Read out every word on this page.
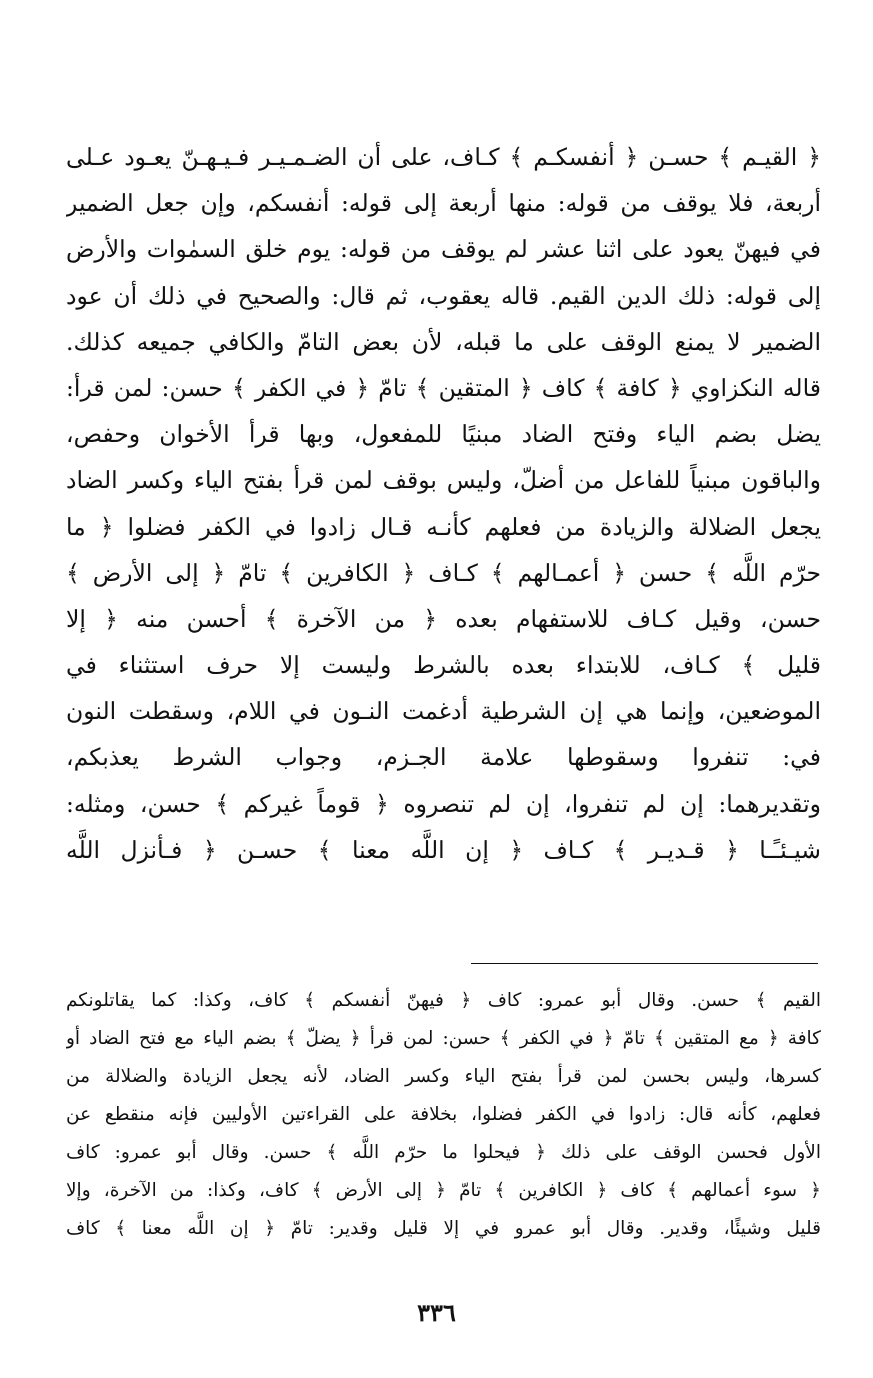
﴿ القيـم ﴾ حسـن ﴿ أنفسكـم ﴾ كـاف، على أن الضـمـيـر فـيـهـنّ يعـود عـلى
أربعة، فلا يوقف من قوله: منها أربعة إلى قوله: أنفسكم، وإن جعل الضمير
في فيهنّ يعود على اثنا عشر لم يوقف من قوله: يوم خلق السمٰوات والأرض
إلى قوله: ذلك الدين القيم. قاله يعقوب، ثم قال: والصحيح في ذلك أن عود
الضمير لا يمنع الوقف على ما قبله، لأن بعض التامّ والكافي جميعه كذلك.
قاله النكزاوي ﴿ كافة ﴾ كاف ﴿ المتقين ﴾ تامّ ﴿ في الكفر ﴾ حسن: لمن قرأ:
يضل بضم الياء وفتح الضاد مبنيًا للمفعول، وبها قرأ الأخوان وحفص،
والباقون مبنياً للفاعل من أضلّ، وليس بوقف لمن قرأ بفتح الياء وكسر الضاد
يجعل الضلالة والزيادة من فعلهم كأنـه قـال زادوا في الكفر فضلوا ﴿ ما
حرّم اللَّه ﴾ حسن ﴿ أعمـالهم ﴾ كـاف ﴿ الكافرين ﴾ تامّ ﴿ إلى الأرض ﴾
حسن، وقيل كـاف للاستفهام بعده ﴿ من الآخرة ﴾ أحسن منه ﴿ إلا
قليل ﴾ كـاف، للابتداء بعده بالشرط وليست إلا حرف استثناء في
الموضعين، وإنما هي إن الشرطية أدغمت النـون في اللام، وسقطت النون
في: تنفروا وسقوطها علامة الجـزم، وجواب الشرط يعذبكم،
وتقديرهما: إن لم تنفروا، إن لم تنصروه ﴿ قوماً غيركم ﴾ حسن، ومثله:
شيـئـًـا ﴿ قـديـر ﴾ كـاف ﴿ إن اللَّه معنا ﴾ حسـن ﴿ فـأنزل اللَّه
القيم ﴾ حسن. وقال أبو عمرو: كاف ﴿ فيهنّ أنفسكم ﴾ كاف، وكذا: كما يقاتلونكم
كافة ﴿ مع المتقين ﴾ تامّ ﴿ في الكفر ﴾ حسن: لمن قرأ ﴿ يضلّ ﴾ بضم الياء مع فتح الضاد أو
كسرها، وليس بحسن لمن قرأ بفتح الياء وكسر الضاد، لأنه يجعل الزيادة والضلالة من
فعلهم، كأنه قال: زادوا في الكفر فضلوا، بخلافة على القراءتين الأوليين فإنه منقطع عن
الأول فحسن الوقف على ذلك ﴿ فيحلوا ما حرّم اللَّه ﴾ حسن. وقال أبو عمرو: كاف
﴿ سوء أعمالهم ﴾ كاف ﴿ الكافرين ﴾ تامّ ﴿ إلى الأرض ﴾ كاف، وكذا: من الآخرة، وإلا
قليل وشيئًا، وقدير. وقال أبو عمرو في إلا قليل وقدير: تامّ ﴿ إن اللَّه معنا ﴾ كاف
٣٣٦
